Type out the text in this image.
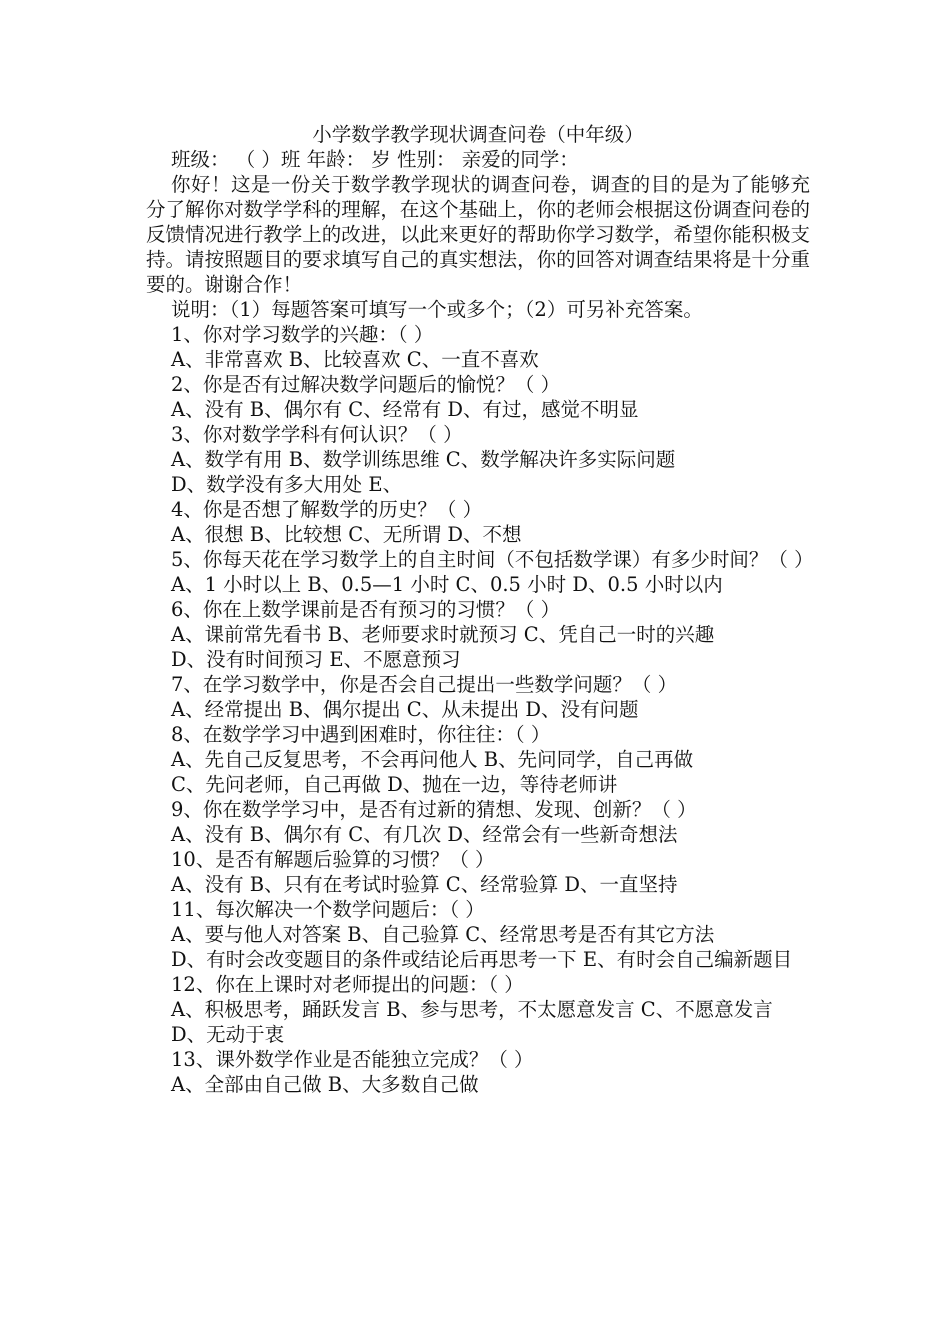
小学数学教学现状调查问卷（中年级）

班级： （ ）班 年龄： 岁 性别： 亲爱的同学：

你好！这是一份关于数学教学现状的调查问卷，调查的目的是为了能够充分了解你对数学学科的理解，在这个基础上，你的老师会根据这份调查问卷的反馈情况进行教学上的改进，以此来更好的帮助你学习数学，希望你能积极支持。请按照题目的要求填写自己的真实想法，你的回答对调查结果将是十分重要的。谢谢合作！

说明：（1）每题答案可填写一个或多个；（2）可另补充答案。

1、你对学习数学的兴趣：（ ）

A、非常喜欢 B、比较喜欢 C、一直不喜欢

2、你是否有过解决数学问题后的愉悦？（ ）

A、没有 B、偶尔有 C、经常有 D、有过，感觉不明显

3、你对数学学科有何认识？（ ）

A、数学有用 B、数学训练思维 C、数学解决许多实际问题

D、数学没有多大用处 E、

4、你是否想了解数学的历史？（ ）

A、很想 B、比较想 C、无所谓 D、不想

5、你每天花在学习数学上的自主时间（不包括数学课）有多少时间？（ ）

A、1 小时以上 B、0.5—1 小时 C、0.5 小时 D、0.5 小时以内

6、你在上数学课前是否有预习的习惯？（ ）

A、课前常先看书 B、老师要求时就预习 C、凭自己一时的兴趣

D、没有时间预习 E、不愿意预习

7、在学习数学中，你是否会自己提出一些数学问题？（ ）

A、经常提出 B、偶尔提出 C、从未提出 D、没有问题

8、在数学学习中遇到困难时，你往往：（ ）

A、先自己反复思考，不会再问他人 B、先问同学，自己再做

C、先问老师，自己再做 D、抛在一边，等待老师讲

9、你在数学学习中，是否有过新的猜想、发现、创新？（ ）

A、没有 B、偶尔有 C、有几次 D、经常会有一些新奇想法

10、是否有解题后验算的习惯？（ ）

A、没有 B、只有在考试时验算 C、经常验算 D、一直坚持

11、每次解决一个数学问题后：（ ）

A、要与他人对答案 B、自己验算 C、经常思考是否有其它方法

D、有时会改变题目的条件或结论后再思考一下 E、有时会自己编新题目

12、你在上课时对老师提出的问题：（ ）

A、积极思考，踊跃发言 B、参与思考，不太愿意发言 C、不愿意发言

D、无动于衷

13、课外数学作业是否能独立完成？（ ）

A、全部由自己做 B、大多数自己做
